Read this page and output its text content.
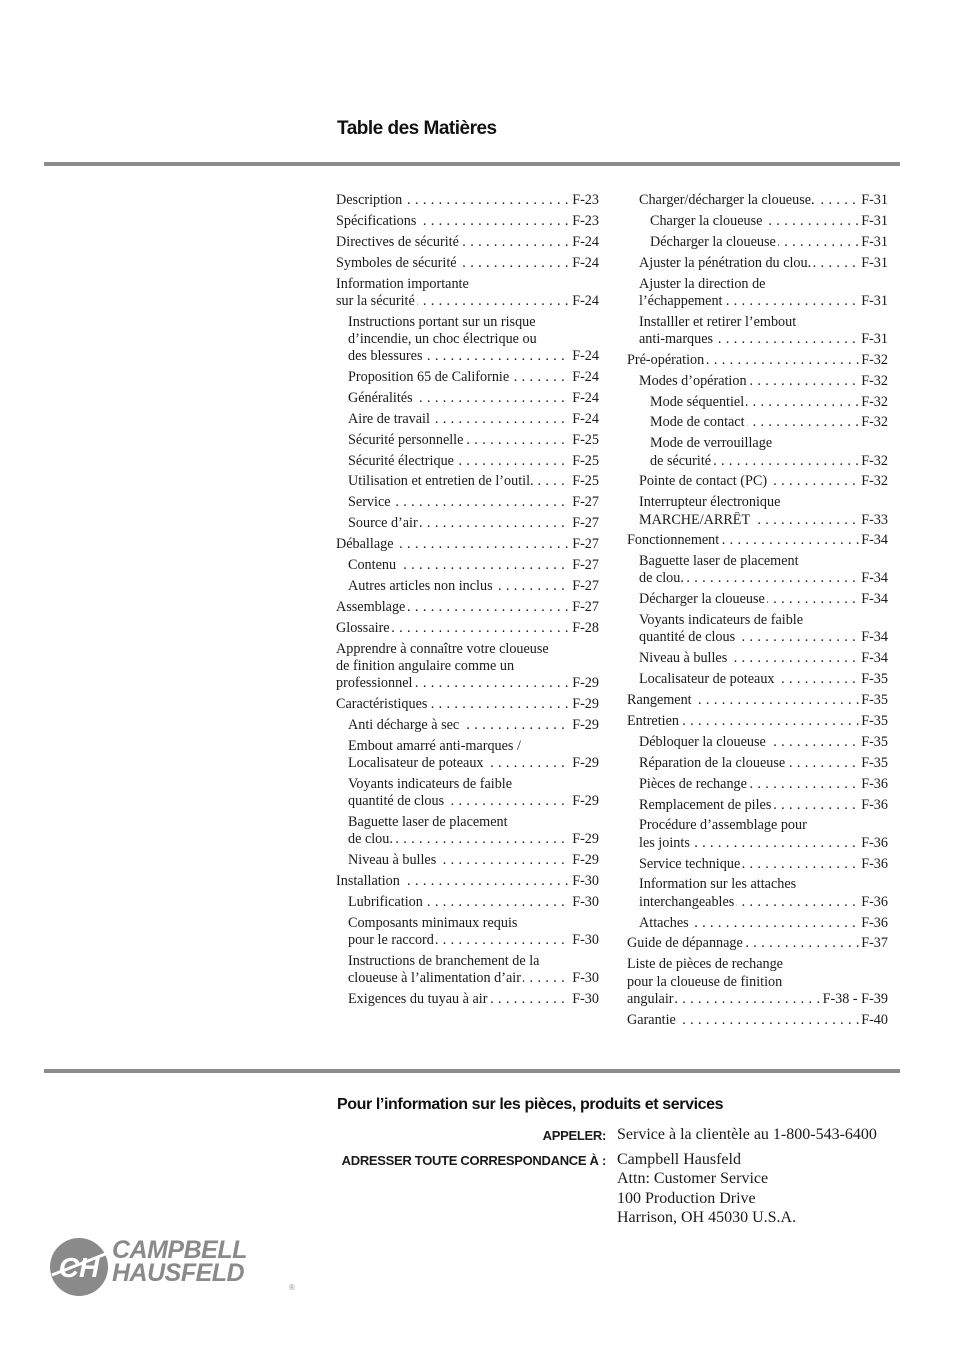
Table des Matières
Description . . .	F-23
Spécifications . . .	F-23
Directives de sécurité . . .	F-24
Symboles de sécurité . . .	F-24
Information importante
sur la sécurité . . .	F-24
Instructions portant sur un risque
d’incendie, un choc électrique ou
des blessures . . .	F-24
Proposition 65 de Californie . . .	F-24
Généralités . . .	F-24
Aire de travail . . .	F-24
Sécurité personnelle . . .	F-25
Sécurité électrique . . .	F-25
Utilisation et entretien de l’outil. . . .	F-25
Service . . .	F-27
Source d’air . . .	F-27
Déballage . . .	F-27
Contenu . . .	F-27
Autres articles non inclus . . .	F-27
Assemblage . . .	F-27
Glossaire . . .	F-28
Apprendre à connaître votre cloueuse
de finition angulaire comme un
professionnel . . .	F-29
Caractéristiques . . .	F-29
Anti décharge à sec . . .	F-29
Embout amarré anti-marques /
Localisateur de poteaux . . .	F-29
Voyants indicateurs de faible
quantité de clous . . .	F-29
Baguette laser de placement
de clou. . . .	F-29
Niveau à bulles . . .	F-29
Installation . . .	F-30
Lubrification . . .	F-30
Composants minimaux requis
pour le raccord . . .	F-30
Instructions de branchement de la
cloueuse à l’alimentation d’air . . .	F-30
Exigences du tuyau à air . . .	F-30
Charger/décharger la cloueuse. . . .	F-31
Charger la cloueuse . . .	F-31
Décharger la cloueuse . . .	F-31
Ajuster la pénétration du clou. . . .	F-31
Ajuster la direction de
l’échappement . . .	F-31
Installler et retirer l’embout
anti-marques . . .	F-31
Pré-opération . . .	F-32
Modes d’opération . . .	F-32
Mode séquentiel . . .	F-32
Mode de contact . . .	F-32
Mode de verrouillage
de sécurité . . .	F-32
Pointe de contact (PC) . . .	F-32
Interrupteur électronique
MARCHE/ARRÊT . . .	F-33
Fonctionnement . . .	F-34
Baguette laser de placement
de clou. . . .	F-34
Décharger la cloueuse . . .	F-34
Voyants indicateurs de faible
quantité de clous . . .	F-34
Niveau à bulles . . .	F-34
Localisateur de poteaux . . .	F-35
Rangement . . .	F-35
Entretien . . .	F-35
Débloquer la cloueuse . . .	F-35
Réparation de la cloueuse . . .	F-35
Pièces de rechange . . .	F-36
Remplacement de piles . . .	F-36
Procédure d’assemblage pour
les joints . . .	F-36
Service technique . . .	F-36
Information sur les attaches
interchangeables . . .	F-36
Attaches . . .	F-36
Guide de dépannage . . .	F-37
Liste de pièces de rechange
pour la cloueuse de finition
angulair . . .	F-38 - F-39
Garantie . . .	F-40
Pour l’information sur les pièces, produits et services
APPELER: Service à la clientèle au 1-800-543-6400
ADRESSER TOUTE CORRESPONDANCE À : Campbell Hausfeld
Attn: Customer Service
100 Production Drive
Harrison, OH 45030 U.S.A.
CH
®
CAMPBELL
HAUSFELD
